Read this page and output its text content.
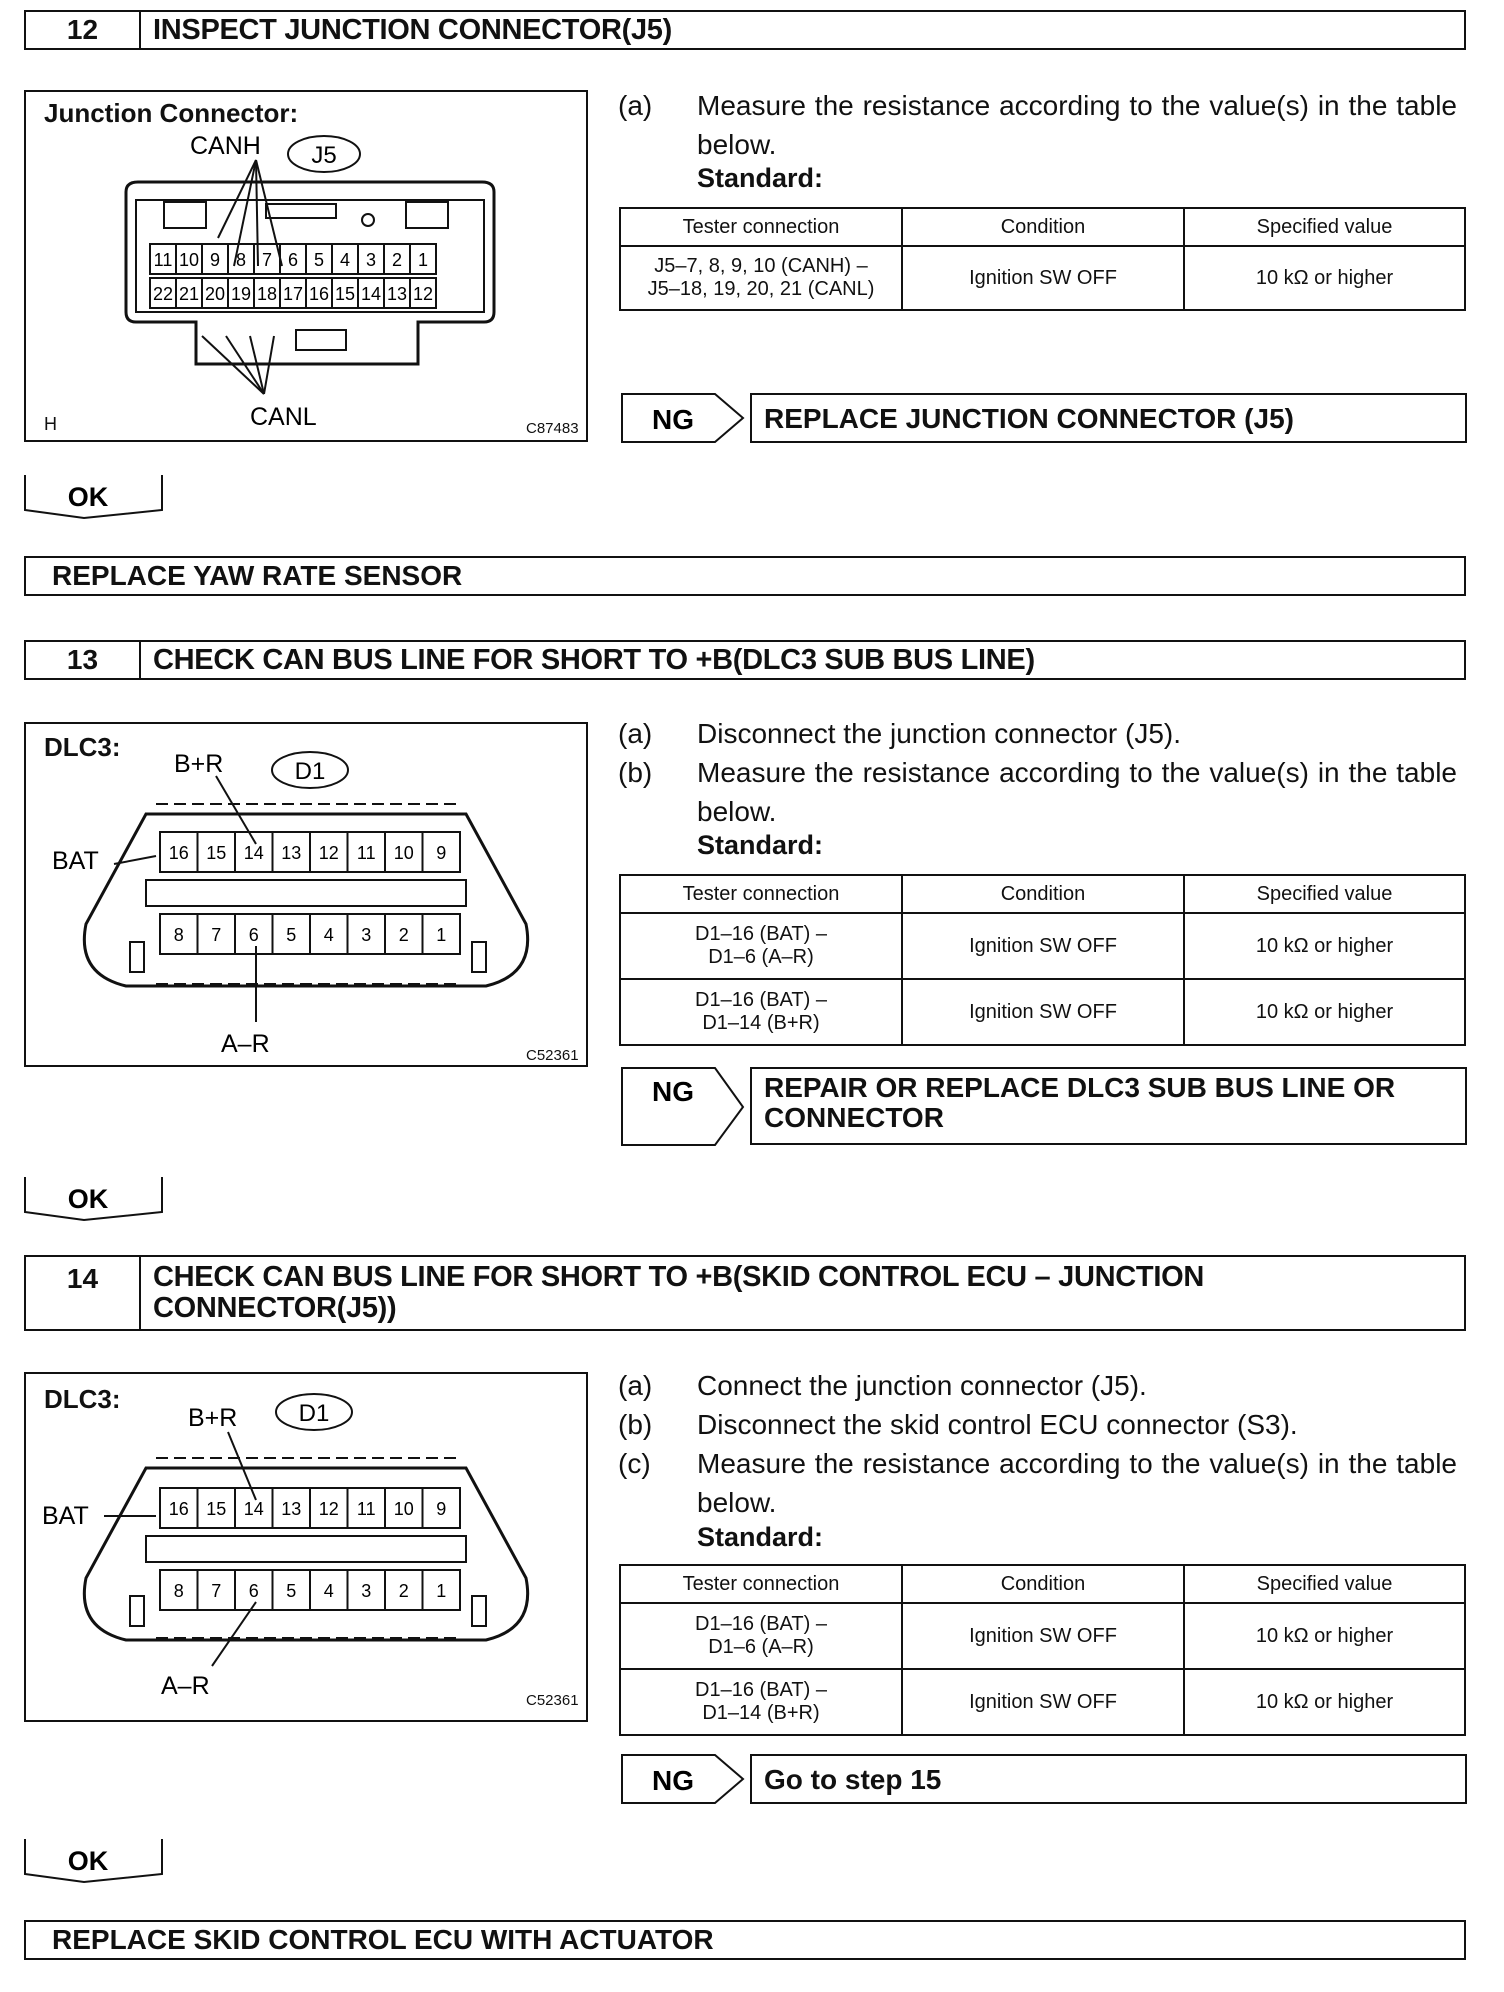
12	INSPECT JUNCTION CONNECTOR(J5)
Junction Connector:
CANH J5
11 10 9 8 7 6 5 4 3 2 1
22 21 20 19 18 17 16 15 14 13 12
CANL
H	C87483
(a) Measure the resistance according to the value(s) in the table below.
Standard:
Tester connection	Condition	Specified value

J5–7, 8, 9, 10 (CANH) –
J5–18, 19, 20, 21 (CANL)	Ignition SW OFF	10 kΩ or higher
NG	REPLACE JUNCTION CONNECTOR (J5)
OK
REPLACE YAW RATE SENSOR
13	CHECK CAN BUS LINE FOR SHORT TO +B(DLC3 SUB BUS LINE)
DLC3:
B+R	D1
BAT	16 15 14 13 12 11 10 9
8 7 6 5 4 3 2 1
A–R	C52361
(a) Disconnect the junction connector (J5).
(b) Measure the resistance according to the value(s) in the table below.
Standard:
Tester connection	Condition	Specified value

D1–16 (BAT) –
D1–6 (A–R)	Ignition SW OFF	10 kΩ or higher

D1–16 (BAT) –
D1–14 (B+R)	Ignition SW OFF	10 kΩ or higher
NG	REPAIR OR REPLACE DLC3 SUB BUS LINE OR CONNECTOR
OK
14	CHECK CAN BUS LINE FOR SHORT TO +B(SKID CONTROL ECU – JUNCTION CONNECTOR(J5))
DLC3:
B+R	D1
BAT	16 15 14 13 12 11 10 9
8 7 6 5 4 3 2 1
A–R
C52361
(a) Connect the junction connector (J5).
(b) Disconnect the skid control ECU connector (S3).
(c) Measure the resistance according to the value(s) in the table below.
Standard:
Tester connection	Condition	Specified value

D1–16 (BAT) –
D1–6 (A–R)	Ignition SW OFF	10 kΩ or higher

D1–16 (BAT) –
D1–14 (B+R)	Ignition SW OFF	10 kΩ or higher
NG	Go to step 15
OK
REPLACE SKID CONTROL ECU WITH ACTUATOR
